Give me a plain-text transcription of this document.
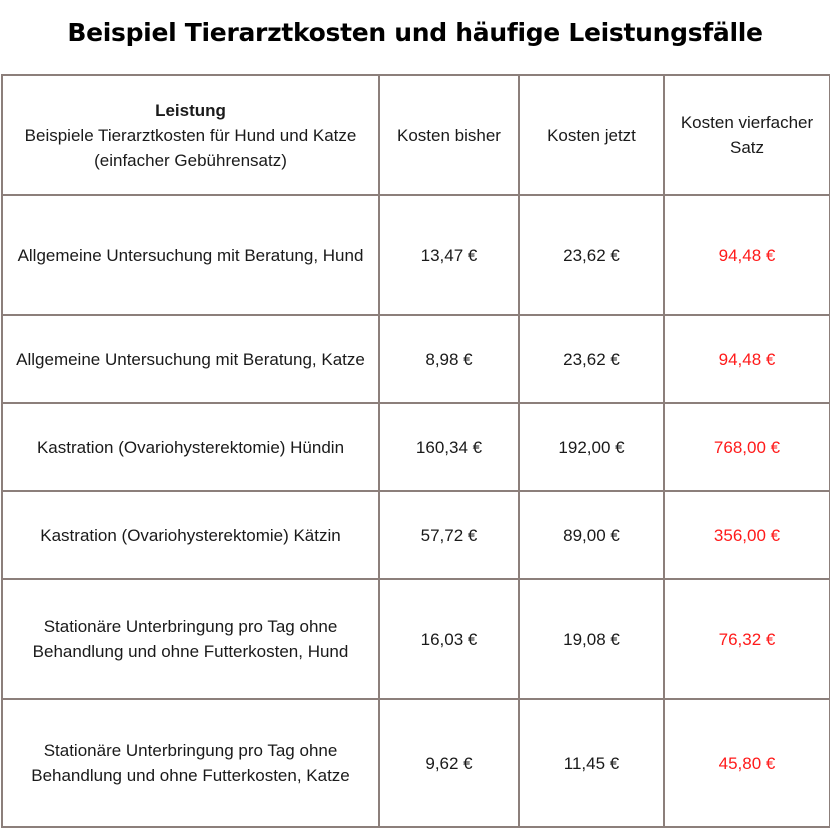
Beispiel Tierarztkosten und häufige Leistungsfälle
Leistung
Beispiele Tierarztkosten für Hund und Katze (einfacher Gebührensatz)	Kosten bisher	Kosten jetzt	Kosten vierfacher Satz
Allgemeine Untersuchung mit Beratung, Hund	13,47 €	23,62 €	94,48 €
Allgemeine Untersuchung mit Beratung, Katze	8,98 €	23,62 €	94,48 €
Kastration (Ovariohysterektomie) Hündin	160,34 €	192,00 €	768,00 €
Kastration (Ovariohysterektomie) Kätzin	57,72 €	89,00 €	356,00 €
Stationäre Unterbringung pro Tag ohne Behandlung und ohne Futterkosten, Hund	16,03 €	19,08 €	76,32 €
Stationäre Unterbringung pro Tag ohne Behandlung und ohne Futterkosten, Katze	9,62 €	11,45 €	45,80 €
